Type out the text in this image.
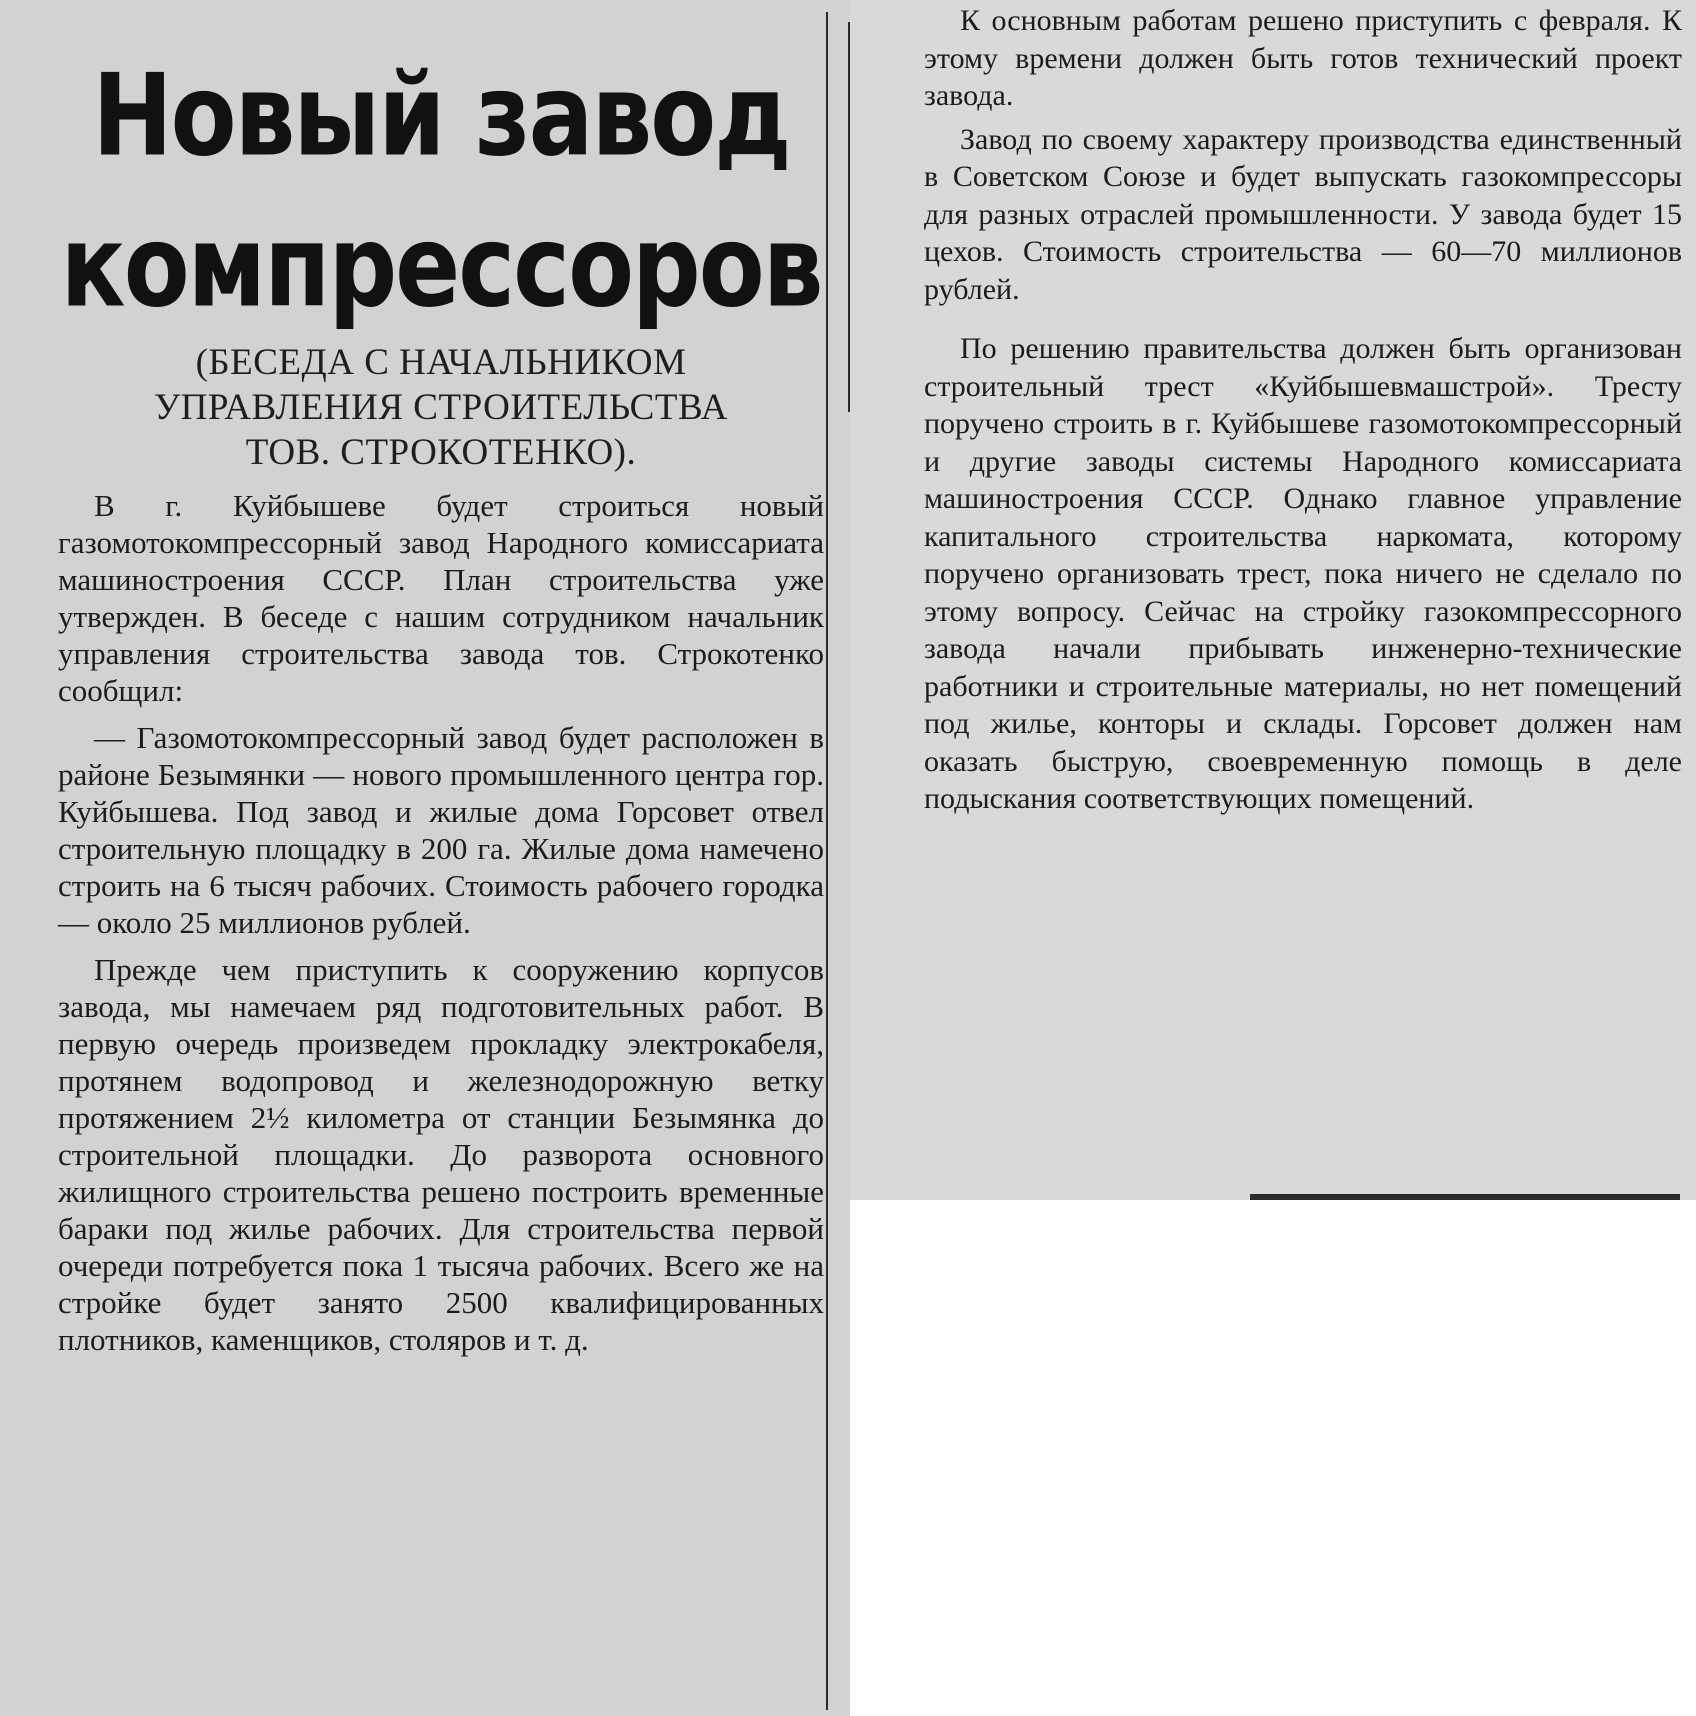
Новый завод
компрессоров
(БЕСЕДА С НАЧАЛЬНИКОМ
УПРАВЛЕНИЯ СТРОИТЕЛЬСТВА
ТОВ. СТРОКОТЕНКО).

В г. Куйбышеве будет строиться новый газомотокомпрессорный завод Народного комиссариата машиностроения СССР. План строительства уже утвержден. В беседе с нашим сотрудником начальник управления строительства завода тов. Строкотенко сообщил:

— Газомотокомпрессорный завод будет расположен в районе Безымянки — нового промышленного центра гор. Куйбышева. Под завод и жилые дома Горсовет отвел строительную площадку в 200 га. Жилые дома намечено строить на 6 тысяч рабочих. Стоимость рабочего городка — около 25 миллионов рублей.

Прежде чем приступить к сооружению корпусов завода, мы намечаем ряд подготовительных работ. В первую очередь произведем прокладку электрокабеля, протянем водопровод и железнодорожную ветку протяжением 2½ километра от станции Безымянка до строительной площадки. До разворота основного жилищного строительства решено построить временные бараки под жилье рабочих. Для строительства первой очереди потребуется пока 1 тысяча рабочих. Всего же на стройке будет занято 2500 квалифицированных плотников, каменщиков, столяров и т. д.

К основным работам решено приступить с февраля. К этому времени должен быть готов технический проект завода.

Завод по своему характеру производства единственный в Советском Союзе и будет выпускать газокомпрессоры для разных отраслей промышленности. У завода будет 15 цехов. Стоимость строительства — 60—70 миллионов рублей.

По решению правительства должен быть организован строительный трест «Куйбышевмашстрой». Тресту поручено строить в г. Куйбышеве газомотокомпрессорный и другие заводы системы Народного комиссариата машиностроения СССР. Однако главное управление капитального строительства наркомата, которому поручено организовать трест, пока ничего не сделало по этому вопросу. Сейчас на стройку газокомпрессорного завода начали прибывать инженерно-технические работники и строительные материалы, но нет помещений под жилье, конторы и склады. Горсовет должен нам оказать быструю, своевременную помощь в деле подыскания соответствующих помещений.
